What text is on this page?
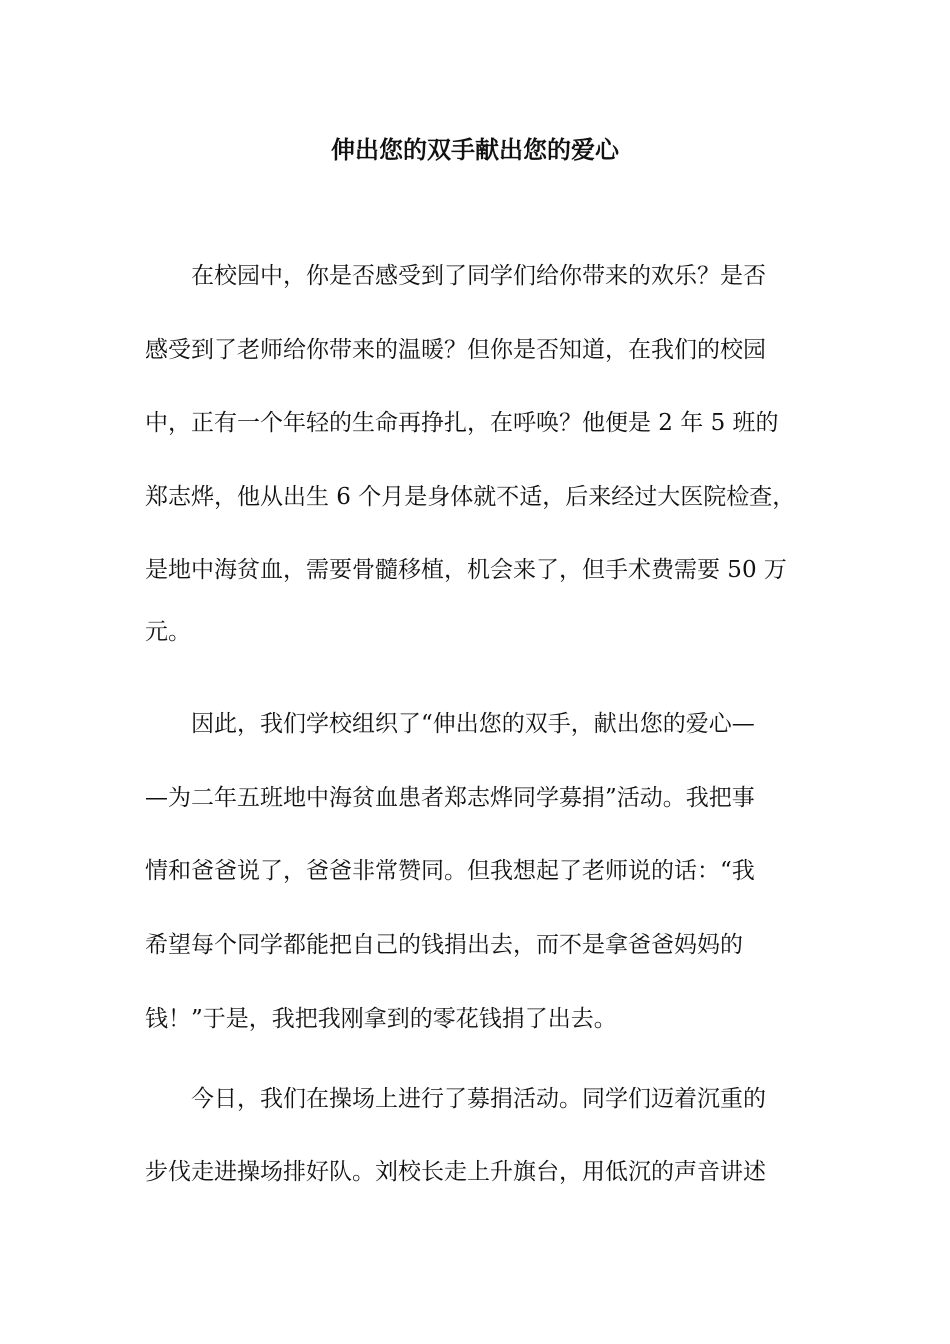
伸出您的双手献出您的爱心
　　在校园中，你是否感受到了同学们给你带来的欢乐？是否
感受到了老师给你带来的温暖？但你是否知道，在我们的校园
中，正有一个年轻的生命再挣扎，在呼唤？他便是 2 年 5 班的
郑志烨，他从出生 6 个月是身体就不适，后来经过大医院检查，
是地中海贫血，需要骨髓移植，机会来了，但手术费需要 50 万
元。
　　因此，我们学校组织了“伸出您的双手，献出您的爱心—
—为二年五班地中海贫血患者郑志烨同学募捐”活动。我把事
情和爸爸说了，爸爸非常赞同。但我想起了老师说的话：“我
希望每个同学都能把自己的钱捐出去，而不是拿爸爸妈妈的
钱！”于是，我把我刚拿到的零花钱捐了出去。
　　今日，我们在操场上进行了募捐活动。同学们迈着沉重的
步伐走进操场排好队。刘校长走上升旗台，用低沉的声音讲述
